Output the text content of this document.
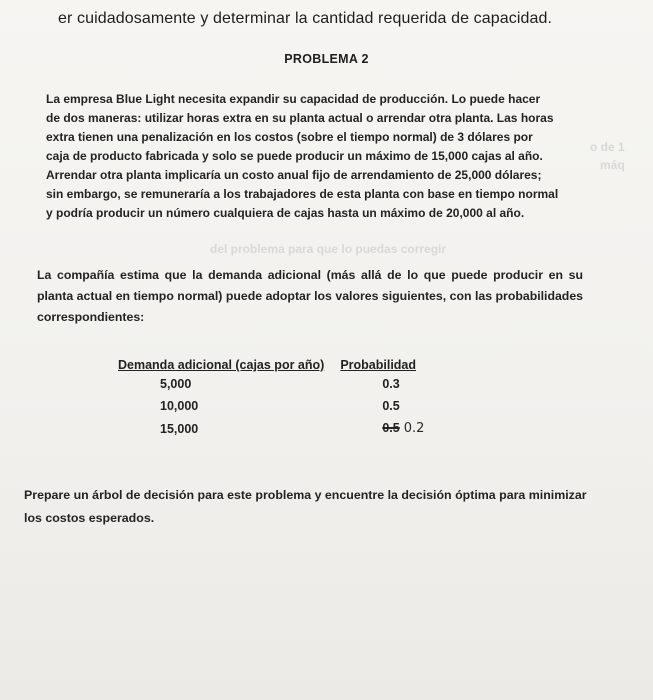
o de 1
máq
del problema para que lo puedas corregir
er cuidadosamente y determinar la cantidad requerida de capacidad.
PROBLEMA 2
La empresa Blue Light necesita expandir su capacidad de producción. Lo puede hacer
de dos maneras: utilizar horas extra en su planta actual o arrendar otra planta. Las horas
extra tienen una penalización en los costos (sobre el tiempo normal) de 3 dólares por
caja de producto fabricada y solo se puede producir un máximo de 15,000 cajas al año.
Arrendar otra planta implicaría un costo anual fijo de arrendamiento de 25,000 dólares;
sin embargo, se remuneraría a los trabajadores de esta planta con base en tiempo normal
y podría producir un número cualquiera de cajas hasta un máximo de 20,000 al año.
La compañía estima que la demanda adicional (más allá de lo que puede producir en su planta actual en tiempo normal) puede adoptar los valores siguientes, con las probabilidades correspondientes:
Demanda adicional (cajas por año)	Probabilidad
5,000	0.3
10,000	0.5
15,000	0.5 0.2
Prepare un árbol de decisión para este problema y encuentre la decisión óptima para minimizar los costos esperados.
